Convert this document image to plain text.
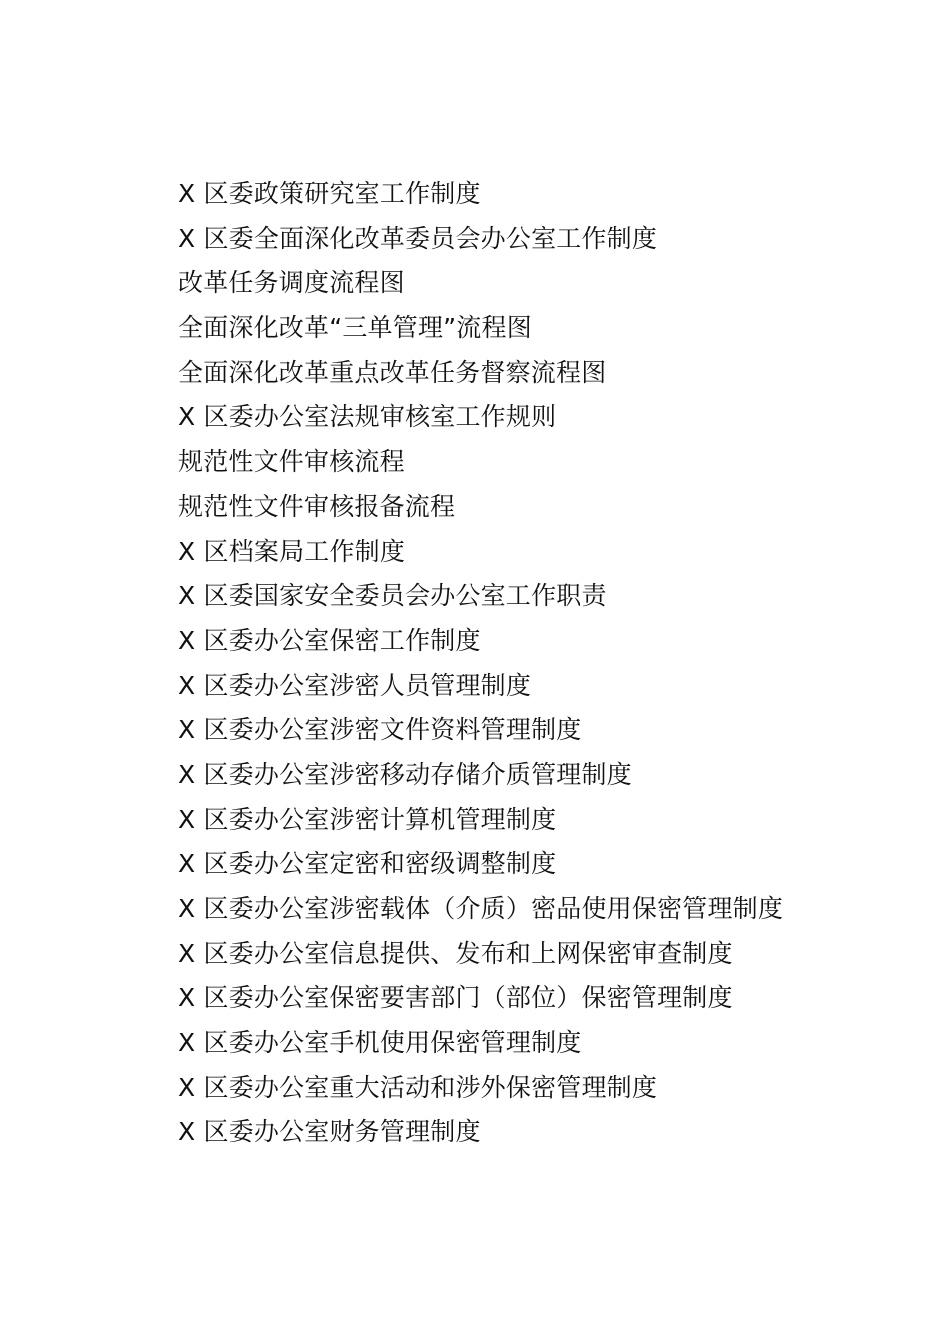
X 区委政策研究室工作制度
X 区委全面深化改革委员会办公室工作制度
改革任务调度流程图
全面深化改革“三单管理”流程图
全面深化改革重点改革任务督察流程图
X 区委办公室法规审核室工作规则
规范性文件审核流程
规范性文件审核报备流程
X 区档案局工作制度
X 区委国家安全委员会办公室工作职责
X 区委办公室保密工作制度
X 区委办公室涉密人员管理制度
X 区委办公室涉密文件资料管理制度
X 区委办公室涉密移动存储介质管理制度
X 区委办公室涉密计算机管理制度
X 区委办公室定密和密级调整制度
X 区委办公室涉密载体（介质）密品使用保密管理制度
X 区委办公室信息提供、发布和上网保密审查制度
X 区委办公室保密要害部门（部位）保密管理制度
X 区委办公室手机使用保密管理制度
X 区委办公室重大活动和涉外保密管理制度
X 区委办公室财务管理制度
